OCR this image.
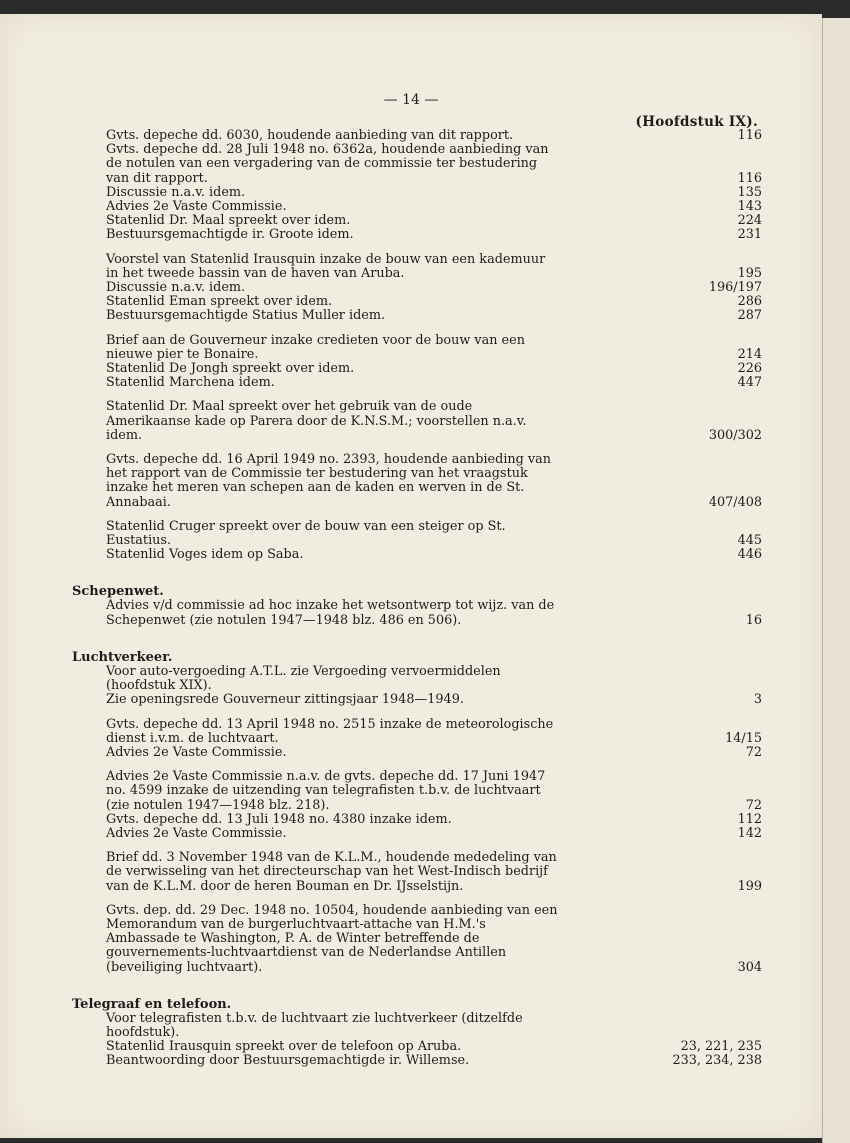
— 14 —
(Hoofdstuk IX).
Gvts. depeche dd. 6030, houdende aanbieding van dit rapport.	116
Gvts. depeche dd. 28 Juli 1948 no. 6362a, houdende aanbieding van de notulen van een vergadering van de commissie ter bestudering van dit rapport.	116
Discussie n.a.v. idem.	135
Advies 2e Vaste Commissie.	143
Statenlid Dr. Maal spreekt over idem.	224
Bestuursgemachtigde ir. Groote idem.	231
Voorstel van Statenlid Irausquin inzake de bouw van een kademuur in het tweede bassin van de haven van Aruba.	195
Discussie n.a.v. idem.	196/197
Statenlid Eman spreekt over idem.	286
Bestuursgemachtigde Statius Muller idem.	287
Brief aan de Gouverneur inzake credieten voor de bouw van een nieuwe pier te Bonaire.	214
Statenlid De Jongh spreekt over idem.	226
Statenlid Marchena idem.	447
Statenlid Dr. Maal spreekt over het gebruik van de oude Amerikaanse kade op Parera door de K.N.S.M.; voorstellen n.a.v. idem.	300/302
Gvts. depeche dd. 16 April 1949 no. 2393, houdende aanbieding van het rapport van de Commissie ter bestudering van het vraagstuk inzake het meren van schepen aan de kaden en werven in de St. Annabaai.	407/408
Statenlid Cruger spreekt over de bouw van een steiger op St. Eustatius.	445
Statenlid Voges idem op Saba.	446
Schepenwet.
Advies v/d commissie ad hoc inzake het wetsontwerp tot wijz. van de Schepenwet (zie notulen 1947—1948 blz. 486 en 506).	16
Luchtverkeer.
Voor auto-vergoeding A.T.L. zie Vergoeding vervoermiddelen (hoofdstuk XIX).
Zie openingsrede Gouverneur zittingsjaar 1948—1949.	3
Gvts. depeche dd. 13 April 1948 no. 2515 inzake de meteorologische dienst i.v.m. de luchtvaart.	14/15
Advies 2e Vaste Commissie.	72
Advies 2e Vaste Commissie n.a.v. de gvts. depeche dd. 17 Juni 1947 no. 4599 inzake de uitzending van telegrafisten t.b.v. de luchtvaart (zie notulen 1947—1948 blz. 218).	72
Gvts. depeche dd. 13 Juli 1948 no. 4380 inzake idem.	112
Advies 2e Vaste Commissie.	142
Brief dd. 3 November 1948 van de K.L.M., houdende mededeling van de verwisseling van het directeurschap van het West-Indisch bedrijf van de K.L.M. door de heren Bouman en Dr. IJsselstijn.	199
Gvts. dep. dd. 29 Dec. 1948 no. 10504, houdende aanbieding van een Memorandum van de burgerluchtvaart-attache van H.M.'s Ambassade te Washington, P. A. de Winter betreffende de gouvernements-luchtvaartdienst van de Nederlandse Antillen (beveiliging luchtvaart).	304
Telegraaf en telefoon.
Voor telegrafisten t.b.v. de luchtvaart zie luchtverkeer (ditzelfde hoofdstuk).
Statenlid Irausquin spreekt over de telefoon op Aruba.	23, 221, 235
Beantwoording door Bestuursgemachtigde ir. Willemse.	233, 234, 238
